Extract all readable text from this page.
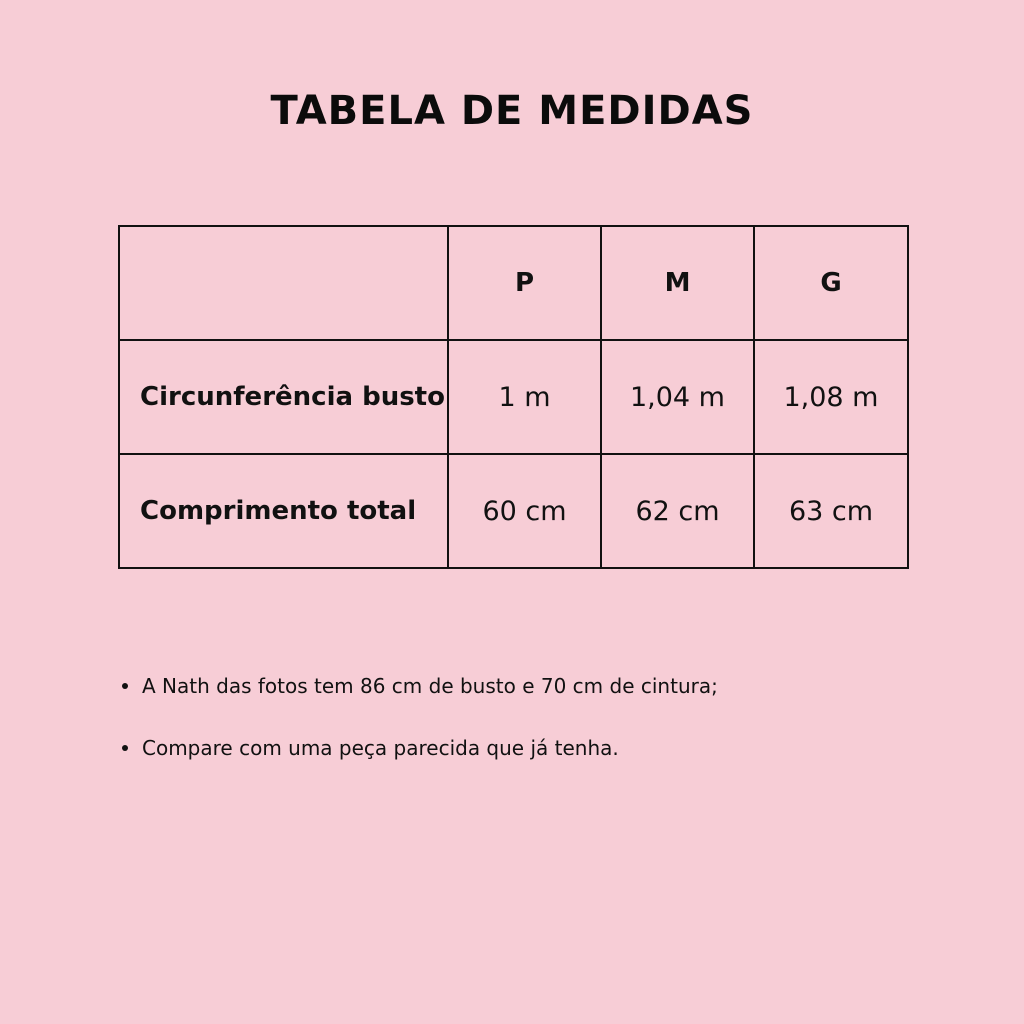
TABELA DE MEDIDAS
	P	M	G
Circunferência busto	1 m	1,04 m	1,08 m
Comprimento total	60 cm	62 cm	63 cm
A Nath das fotos tem 86 cm de busto e 70 cm de cintura;
Compare com uma peça parecida que já tenha.
